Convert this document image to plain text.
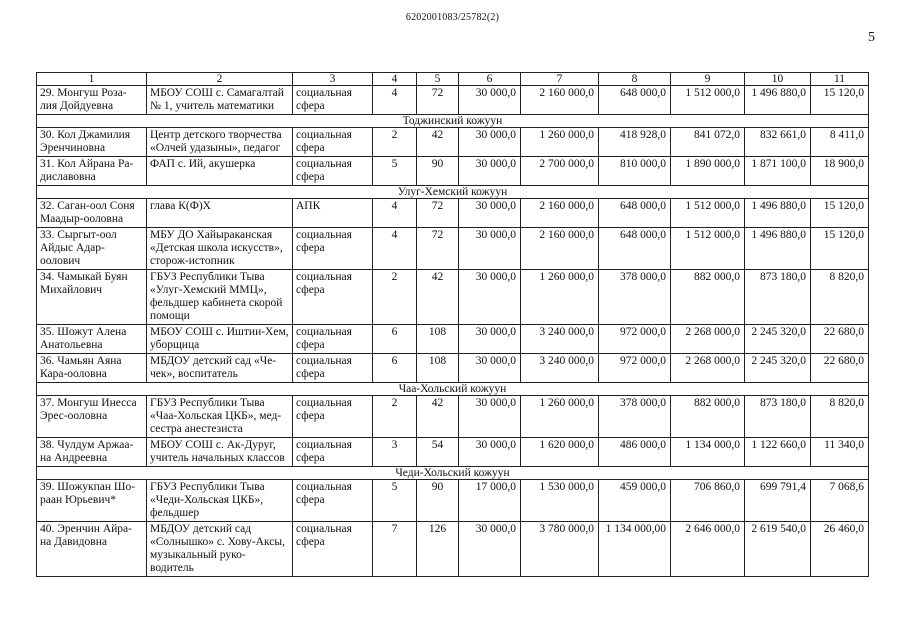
6202001083/25782(2)
5
1	2	3	4	5	6	7	8	9	10	11
29. Монгуш Роза-лия Дойдуевна	МБОУ СОШ с. Самагалтай № 1, учитель математики	социальная сфера	4	72	30 000,0	2 160 000,0	648 000,0	1 512 000,0	1 496 880,0	15 120,0
Тоджинский кожуун										
30. Кол Джамилия Эренчиновна	Центр детского творчества «Олчей удазыны», педагог	социальная сфера	2	42	30 000,0	1 260 000,0	418 928,0	841 072,0	832 661,0	8 411,0
31. Кол Айрана Ра-диславовна	ФАП с. Ий, акушерка	социальная сфера	5	90	30 000,0	2 700 000,0	810 000,0	1 890 000,0	1 871 100,0	18 900,0
Улуг-Хемский кожуун										
32. Саган-оол Соня Маадыр-ооловна	глава К(Ф)Х	АПК	4	72	30 000,0	2 160 000,0	648 000,0	1 512 000,0	1 496 880,0	15 120,0
33. Сыргыт-оол Айдыс Адар-оолович	МБУ ДО Хайыраканская «Детская школа искусств», сторож-истопник	социальная сфера	4	72	30 000,0	2 160 000,0	648 000,0	1 512 000,0	1 496 880,0	15 120,0
34. Чамыкай Буян Михайлович	ГБУЗ Республики Тыва «Улуг-Хемский ММЦ», фельдшер кабинета скорой помощи	социальная сфера	2	42	30 000,0	1 260 000,0	378 000,0	882 000,0	873 180,0	8 820,0
35. Шожут Алена Анатольевна	МБОУ СОШ с. Иштии-Хем, уборщица	социальная сфера	6	108	30 000,0	3 240 000,0	972 000,0	2 268 000,0	2 245 320,0	22 680,0
36. Чамьян Аяна Кара-ооловна	МБДОУ детский сад «Че-чек», воспитатель	социальная сфера	6	108	30 000,0	3 240 000,0	972 000,0	2 268 000,0	2 245 320,0	22 680,0
Чаа-Хольский кожуун										
37. Монгуш Инесса Эрес-ооловна	ГБУЗ Республики Тыва «Чаа-Хольская ЦКБ», мед-сестра анестезиста	социальная сфера	2	42	30 000,0	1 260 000,0	378 000,0	882 000,0	873 180,0	8 820,0
38. Чулдум Аржаа-на Андреевна	МБОУ СОШ с. Ак-Дуруг, учитель начальных классов	социальная сфера	3	54	30 000,0	1 620 000,0	486 000,0	1 134 000,0	1 122 660,0	11 340,0
Чеди-Хольский кожуун										
39. Шожукпан Шо-раан Юрьевич*	ГБУЗ Республики Тыва «Чеди-Хольская ЦКБ», фельдшер	социальная сфера	5	90	17 000,0	1 530 000,0	459 000,0	706 860,0	699 791,4	7 068,6
40. Эренчин Айра-на Давидовна	МБДОУ детский сад «Солнышко» с. Хову-Аксы, музыкальный руко-водитель	социальная сфера	7	126	30 000,0	3 780 000,0	1 134 000,00	2 646 000,0	2 619 540,0	26 460,0
